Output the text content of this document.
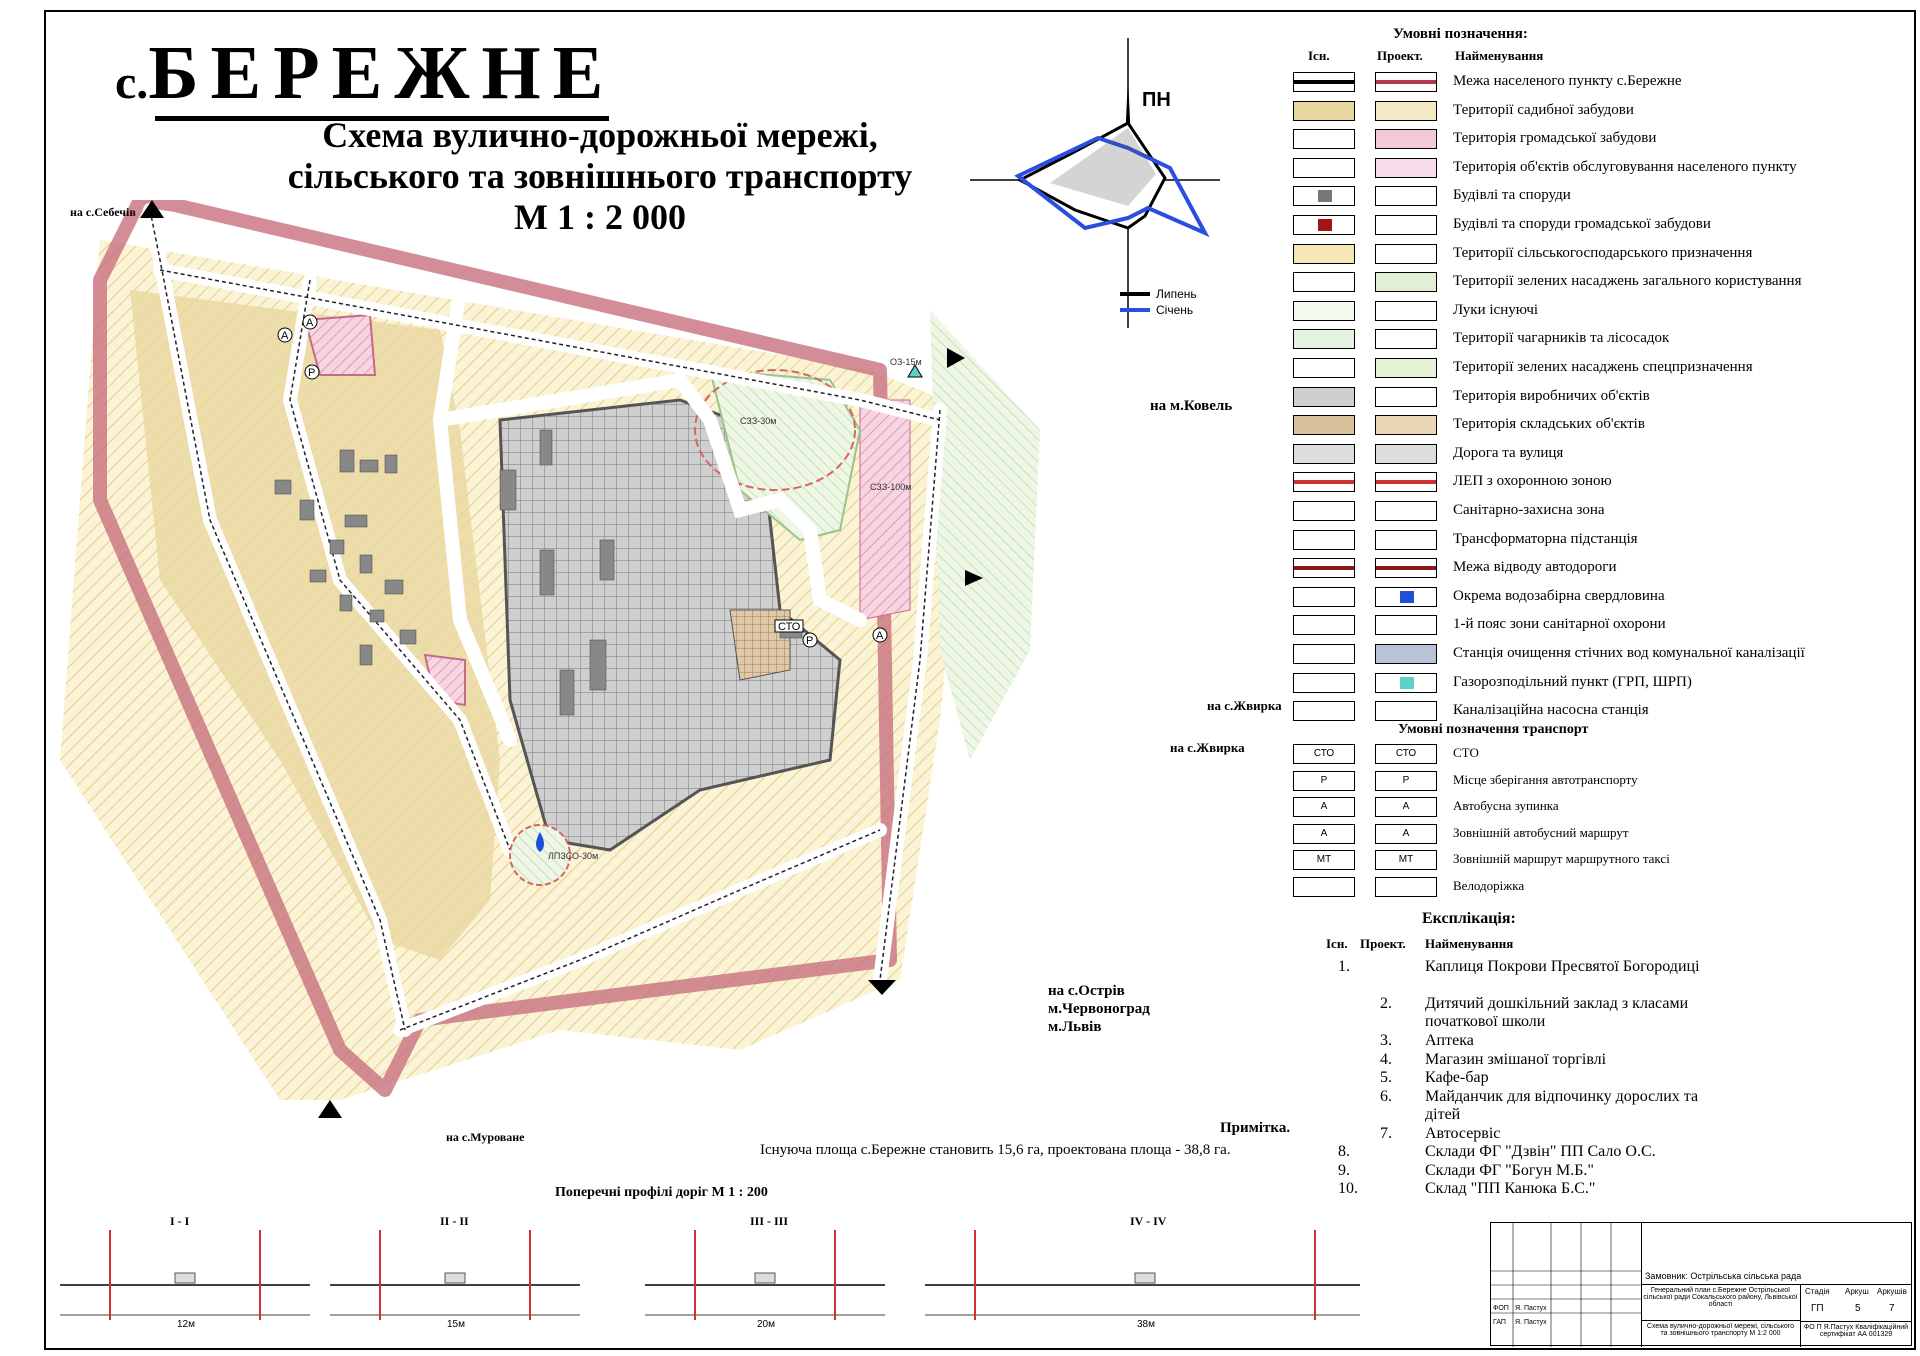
с.БЕРЕЖНЕ
Схема вулично-дорожньої мережі,
сільського та зовнішнього транспорту
М 1 : 2 000
ПН
Липень
Січень
A
A
P
A
P
СТО
СЗЗ-30м
СЗЗ-100м
ОЗ-15м
ЛПЗСО-30м
на с.Себечів
на м.Ковель
на с.Жвирка
на с.Жвирка
на с.Острів
м.Червоноград
м.Львів
на с.Муроване
Умовні позначення:
Іcн.	Проект. Найменування
Межа населеного пункту с.Бережне
Території садибної забудови
Територія громадської забудови
Територія об'єктів обслуговування населеного пункту
Будівлі та споруди
Будівлі та споруди громадської забудови
Території сільськогосподарського призначення
Території зелених насаджень загального користування
Луки існуючі
Території чагарників та лісосадок
Території зелених насаджень спецпризначення
Територія виробничих об'єктів
Територія складських об'єктів
Дорога та вулиця
ЛЕП з охоронною зоною
Санітарно-захисна зона
Трансформаторна підстанція
Межа відводу автодороги
Окрема водозабірна свердловина
1-й пояс зони санітарної охорони
Станція очищення стічних вод комунальної каналізації
Газорозподільний пункт (ГРП, ШРП)
Каналізаційна насосна станція
Умовні позначення транспорт
СТО	СТО	СТО
P	P	Місце зберігання автотранспорту
A	A	Автобусна зупинка
A	A	Зовнішній автобусний маршрут
МТ	МТ	Зовнішній маршрут маршрутного таксі
Велодоріжка
Експлікація:
Іcн. Проект. Найменування
1.	Каплиця Покрови Пресвятої Богородиці
2. Дитячий дошкільний заклад з класами початкової школи
3. Аптека
4. Магазин змішаної торгівлі
5. Кафе-бар
6. Майданчик для відпочинку дорослих та дітей
7. Автосервіс
8.	Склади ФГ "Дзвін" ПП Сало О.С.
9.	Склади ФГ "Богун М.Б."
10.	Склад "ПП Канюка Б.С."
Примітка.
Існуюча площа с.Бережне становить 15,6 га, проектована площа - 38,8 га.
Поперечні профілі доріг М 1 : 200
I - I
12м
II - II
15м
III - III
20м
IV - IV
38м
ФОП
ГАП
Я. Пастух
Я. Пастух
Замовник: Острільська сільська рада
Генеральний план с.Бережне Острільської сільської ради Сокальського району, Львівської області
Схема вулично-дорожньої мережі, сільського та зовнішнього транспорту М 1:2 000
Стадія Аркуш Аркушів
ГП	5	7
ФО П Я.Пастух Кваліфікаційний сертифікат АА 001329
